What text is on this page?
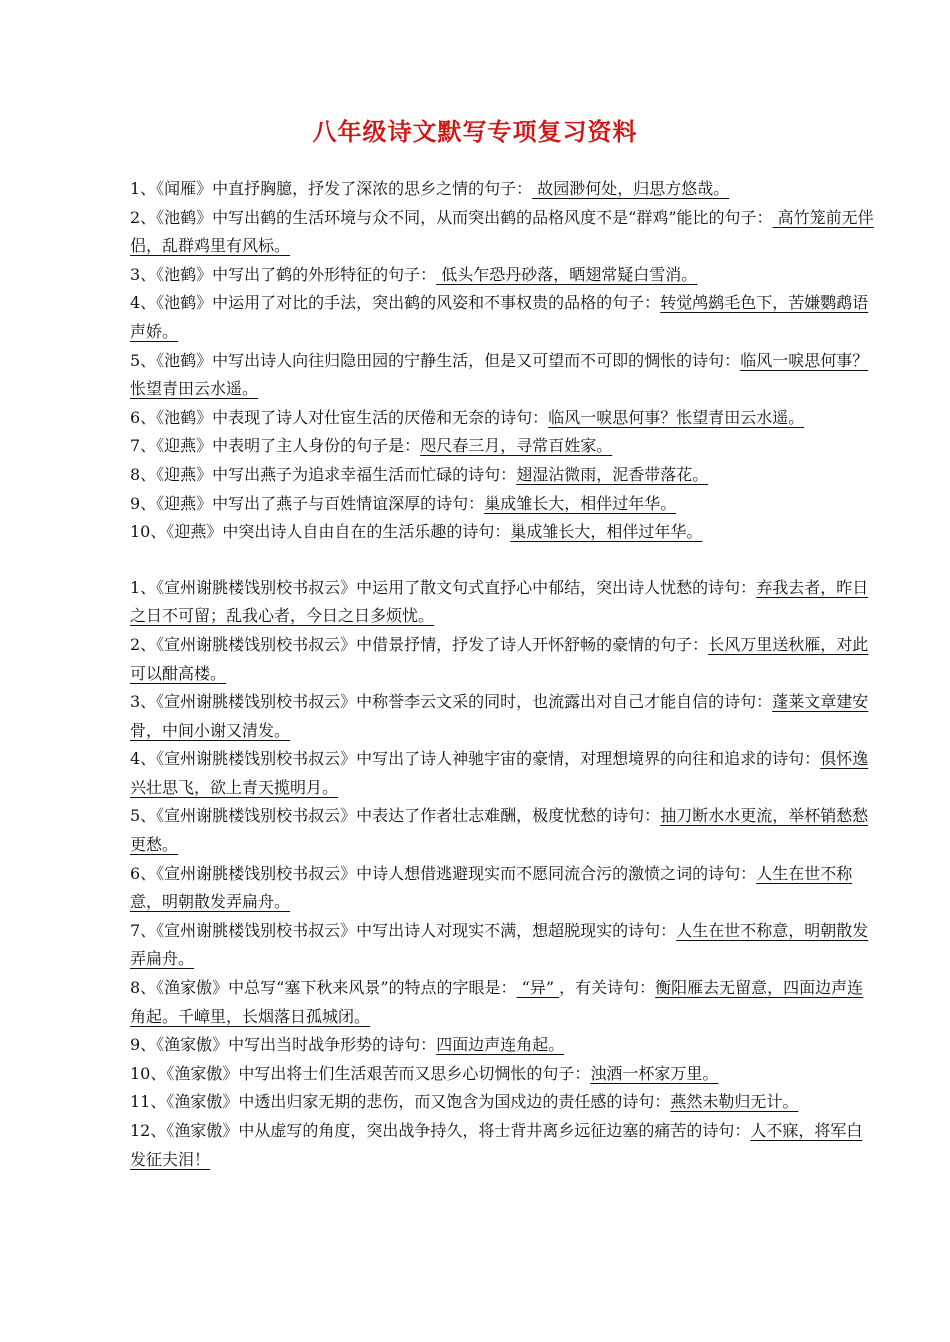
八年级诗文默写专项复习资料

1、《闻雁》中直抒胸臆，抒发了深浓的思乡之情的句子： 故园渺何处，归思方悠哉。

2、《池鹤》中写出鹤的生活环境与众不同，从而突出鹤的品格风度不是“群鸡”能比的句子： 高竹笼前无伴侣，乱群鸡里有风标。

3、《池鹤》中写出了鹤的外形特征的句子： 低头乍恐丹砂落，晒翅常疑白雪消。

4、《池鹤》中运用了对比的手法，突出鹤的风姿和不事权贵的品格的句子：转觉鸬鹚毛色下，苦嫌鹦鹉语声娇。

5、《池鹤》中写出诗人向往归隐田园的宁静生活，但是又可望而不可即的惆怅的诗句：临风一唳思何事？怅望青田云水遥。

6、《池鹤》中表现了诗人对仕宦生活的厌倦和无奈的诗句：临风一唳思何事？怅望青田云水遥。

7、《迎燕》中表明了主人身份的句子是：咫尺春三月，寻常百姓家。

8、《迎燕》中写出燕子为追求幸福生活而忙碌的诗句：翅湿沾微雨，泥香带落花。

9、《迎燕》中写出了燕子与百姓情谊深厚的诗句：巢成雏长大，相伴过年华。

10、《迎燕》中突出诗人自由自在的生活乐趣的诗句：巢成雏长大，相伴过年华。

1、《宣州谢朓楼饯别校书叔云》中运用了散文句式直抒心中郁结，突出诗人忧愁的诗句：弃我去者，昨日之日不可留；乱我心者，今日之日多烦忧。

2、《宣州谢朓楼饯别校书叔云》中借景抒情，抒发了诗人开怀舒畅的豪情的句子：长风万里送秋雁，对此可以酣高楼。

3、《宣州谢朓楼饯别校书叔云》中称誉李云文采的同时，也流露出对自己才能自信的诗句：蓬莱文章建安骨，中间小谢又清发。

4、《宣州谢朓楼饯别校书叔云》中写出了诗人神驰宇宙的豪情，对理想境界的向往和追求的诗句：俱怀逸兴壮思飞，欲上青天揽明月。

5、《宣州谢朓楼饯别校书叔云》中表达了作者壮志难酬，极度忧愁的诗句：抽刀断水水更流，举杯销愁愁更愁。

6、《宣州谢朓楼饯别校书叔云》中诗人想借逃避现实而不愿同流合污的激愤之词的诗句：人生在世不称意，明朝散发弄扁舟。

7、《宣州谢朓楼饯别校书叔云》中写出诗人对现实不满，想超脱现实的诗句：人生在世不称意，明朝散发弄扁舟。

8、《渔家傲》中总写“塞下秋来风景”的特点的字眼是： “异” ，有关诗句：衡阳雁去无留意，四面边声连角起。千嶂里，长烟落日孤城闭。

9、《渔家傲》中写出当时战争形势的诗句：四面边声连角起。

10、《渔家傲》中写出将士们生活艰苦而又思乡心切惆怅的句子：浊酒一杯家万里。

11、《渔家傲》中透出归家无期的悲伤，而又饱含为国戍边的责任感的诗句：燕然未勒归无计。

12、《渔家傲》中从虚写的角度，突出战争持久，将士背井离乡远征边塞的痛苦的诗句：人不寐，将军白发征夫泪！
